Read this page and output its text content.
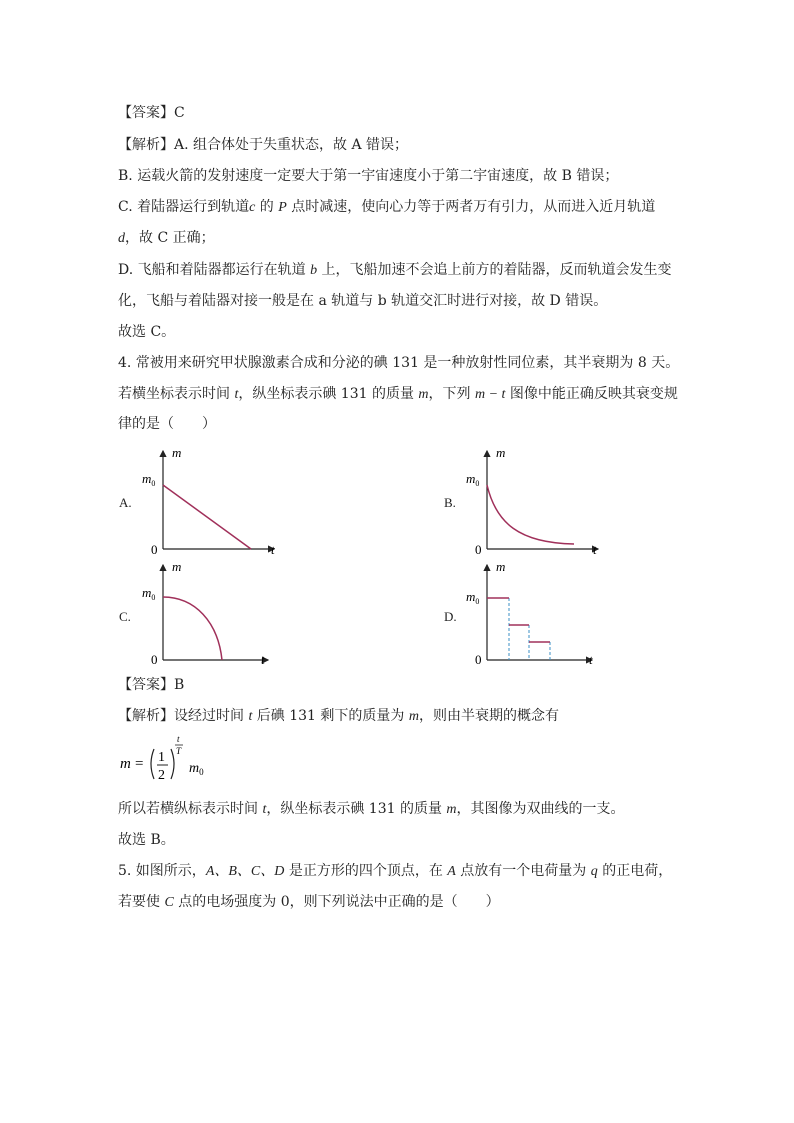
【答案】C
【解析】A. 组合体处于失重状态，故 A 错误；
B. 运载火箭的发射速度一定要大于第一宇宙速度小于第二宇宙速度，故 B 错误；
C. 着陆器运行到轨道c 的 P 点时减速，使向心力等于两者万有引力，从而进入近月轨道
d，故 C 正确；
D. 飞船和着陆器都运行在轨道 b 上，飞船加速不会追上前方的着陆器，反而轨道会发生变
化，飞船与着陆器对接一般是在 a 轨道与 b 轨道交汇时进行对接，故 D 错误。
故选 C。
4. 常被用来研究甲状腺激素合成和分泌的碘 131 是一种放射性同位素，其半衰期为 8 天。
若横坐标表示时间 t，纵坐标表示碘 131 的质量 m，下列 m − t 图像中能正确反映其衰变规
律的是（　　）
A.	B.
C.	D.
m
t
0
$m_0$
m
t
0
$m_0$
m
t
0
$m_0$
m
t
0
$m_0$
【答案】B
【解析】设经过时间 t 后碘 131 剩下的质量为 m，则由半衰期的概念有
m = 1
2
t
T
$m_0$
所以若横纵标表示时间 t，纵坐标表示碘 131 的质量 m，其图像为双曲线的一支。
故选 B。
5. 如图所示，A、B、C、D 是正方形的四个顶点，在 A 点放有一个电荷量为 q 的正电荷，
若要使 C 点的电场强度为 0，则下列说法中正确的是（　　）
